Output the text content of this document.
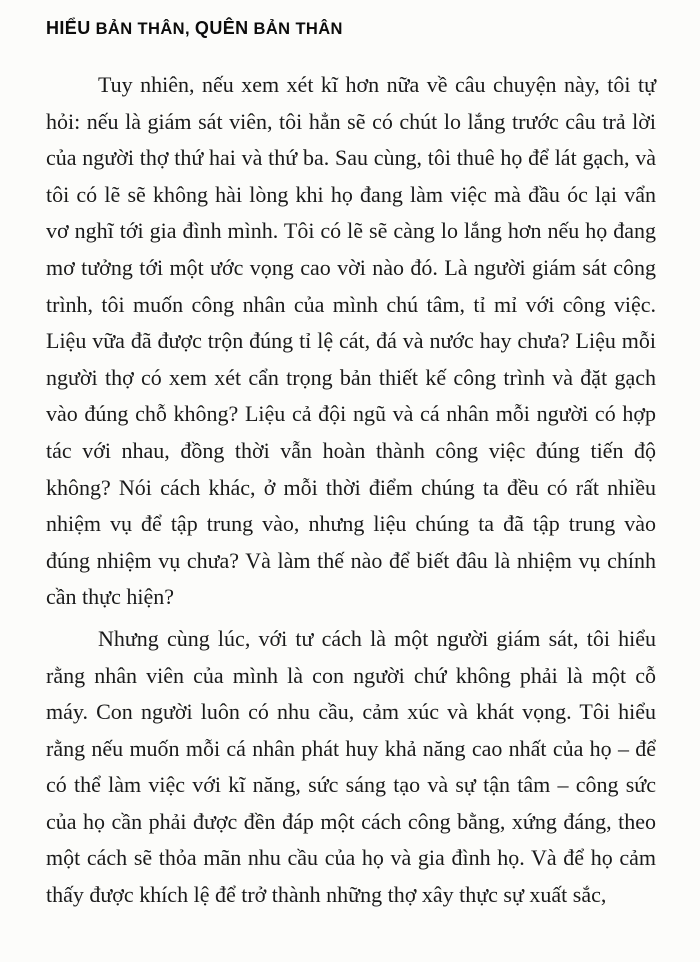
HIỂU BẢN THÂN, QUÊN BẢN THÂN

Tuy nhiên, nếu xem xét kĩ hơn nữa về câu chuyện này, tôi tự hỏi: nếu là giám sát viên, tôi hẳn sẽ có chút lo lắng trước câu trả lời của người thợ thứ hai và thứ ba. Sau cùng, tôi thuê họ để lát gạch, và tôi có lẽ sẽ không hài lòng khi họ đang làm việc mà đầu óc lại vẩn vơ nghĩ tới gia đình mình. Tôi có lẽ sẽ càng lo lắng hơn nếu họ đang mơ tưởng tới một ước vọng cao vời nào đó. Là người giám sát công trình, tôi muốn công nhân của mình chú tâm, tỉ mỉ với công việc. Liệu vữa đã được trộn đúng tỉ lệ cát, đá và nước hay chưa? Liệu mỗi người thợ có xem xét cẩn trọng bản thiết kế công trình và đặt gạch vào đúng chỗ không? Liệu cả đội ngũ và cá nhân mỗi người có hợp tác với nhau, đồng thời vẫn hoàn thành công việc đúng tiến độ không? Nói cách khác, ở mỗi thời điểm chúng ta đều có rất nhiều nhiệm vụ để tập trung vào, nhưng liệu chúng ta đã tập trung vào đúng nhiệm vụ chưa? Và làm thế nào để biết đâu là nhiệm vụ chính cần thực hiện?

Nhưng cùng lúc, với tư cách là một người giám sát, tôi hiểu rằng nhân viên của mình là con người chứ không phải là một cỗ máy. Con người luôn có nhu cầu, cảm xúc và khát vọng. Tôi hiểu rằng nếu muốn mỗi cá nhân phát huy khả năng cao nhất của họ – để có thể làm việc với kĩ năng, sức sáng tạo và sự tận tâm – công sức của họ cần phải được đền đáp một cách công bằng, xứng đáng, theo một cách sẽ thỏa mãn nhu cầu của họ và gia đình họ. Và để họ cảm thấy được khích lệ để trở thành những thợ xây thực sự xuất sắc,
